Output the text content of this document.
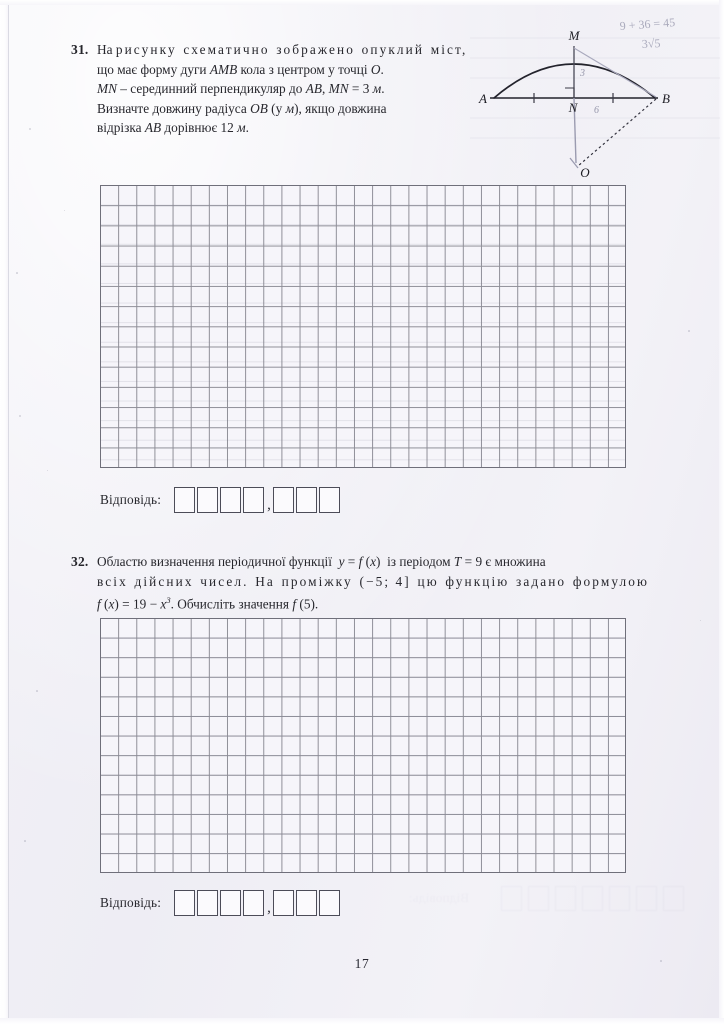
31. На рисунку схематично зображено опуклий міст,
що має форму дуги AMB кола з центром у точці O.
MN – серединний перпендикуляр до AB, MN = 3 м.
Визначте довжину радіуса OB (у м), якщо довжина
відрізка AB дорівнює 12 м.
A
M
B
N
O
3
6
9 + 36 = 45
3√5
Відповідь:	,
32. Областю визначення періодичної функції  y = f (x)  із періодом T = 9 є множина
всіх дійсних чисел. На проміжку (−5; 4] цю функцію задано формулою
f $(x) = 19 - x^3$. Обчисліть значення f (5).
Відповідь:
Відповідь:	,
17
